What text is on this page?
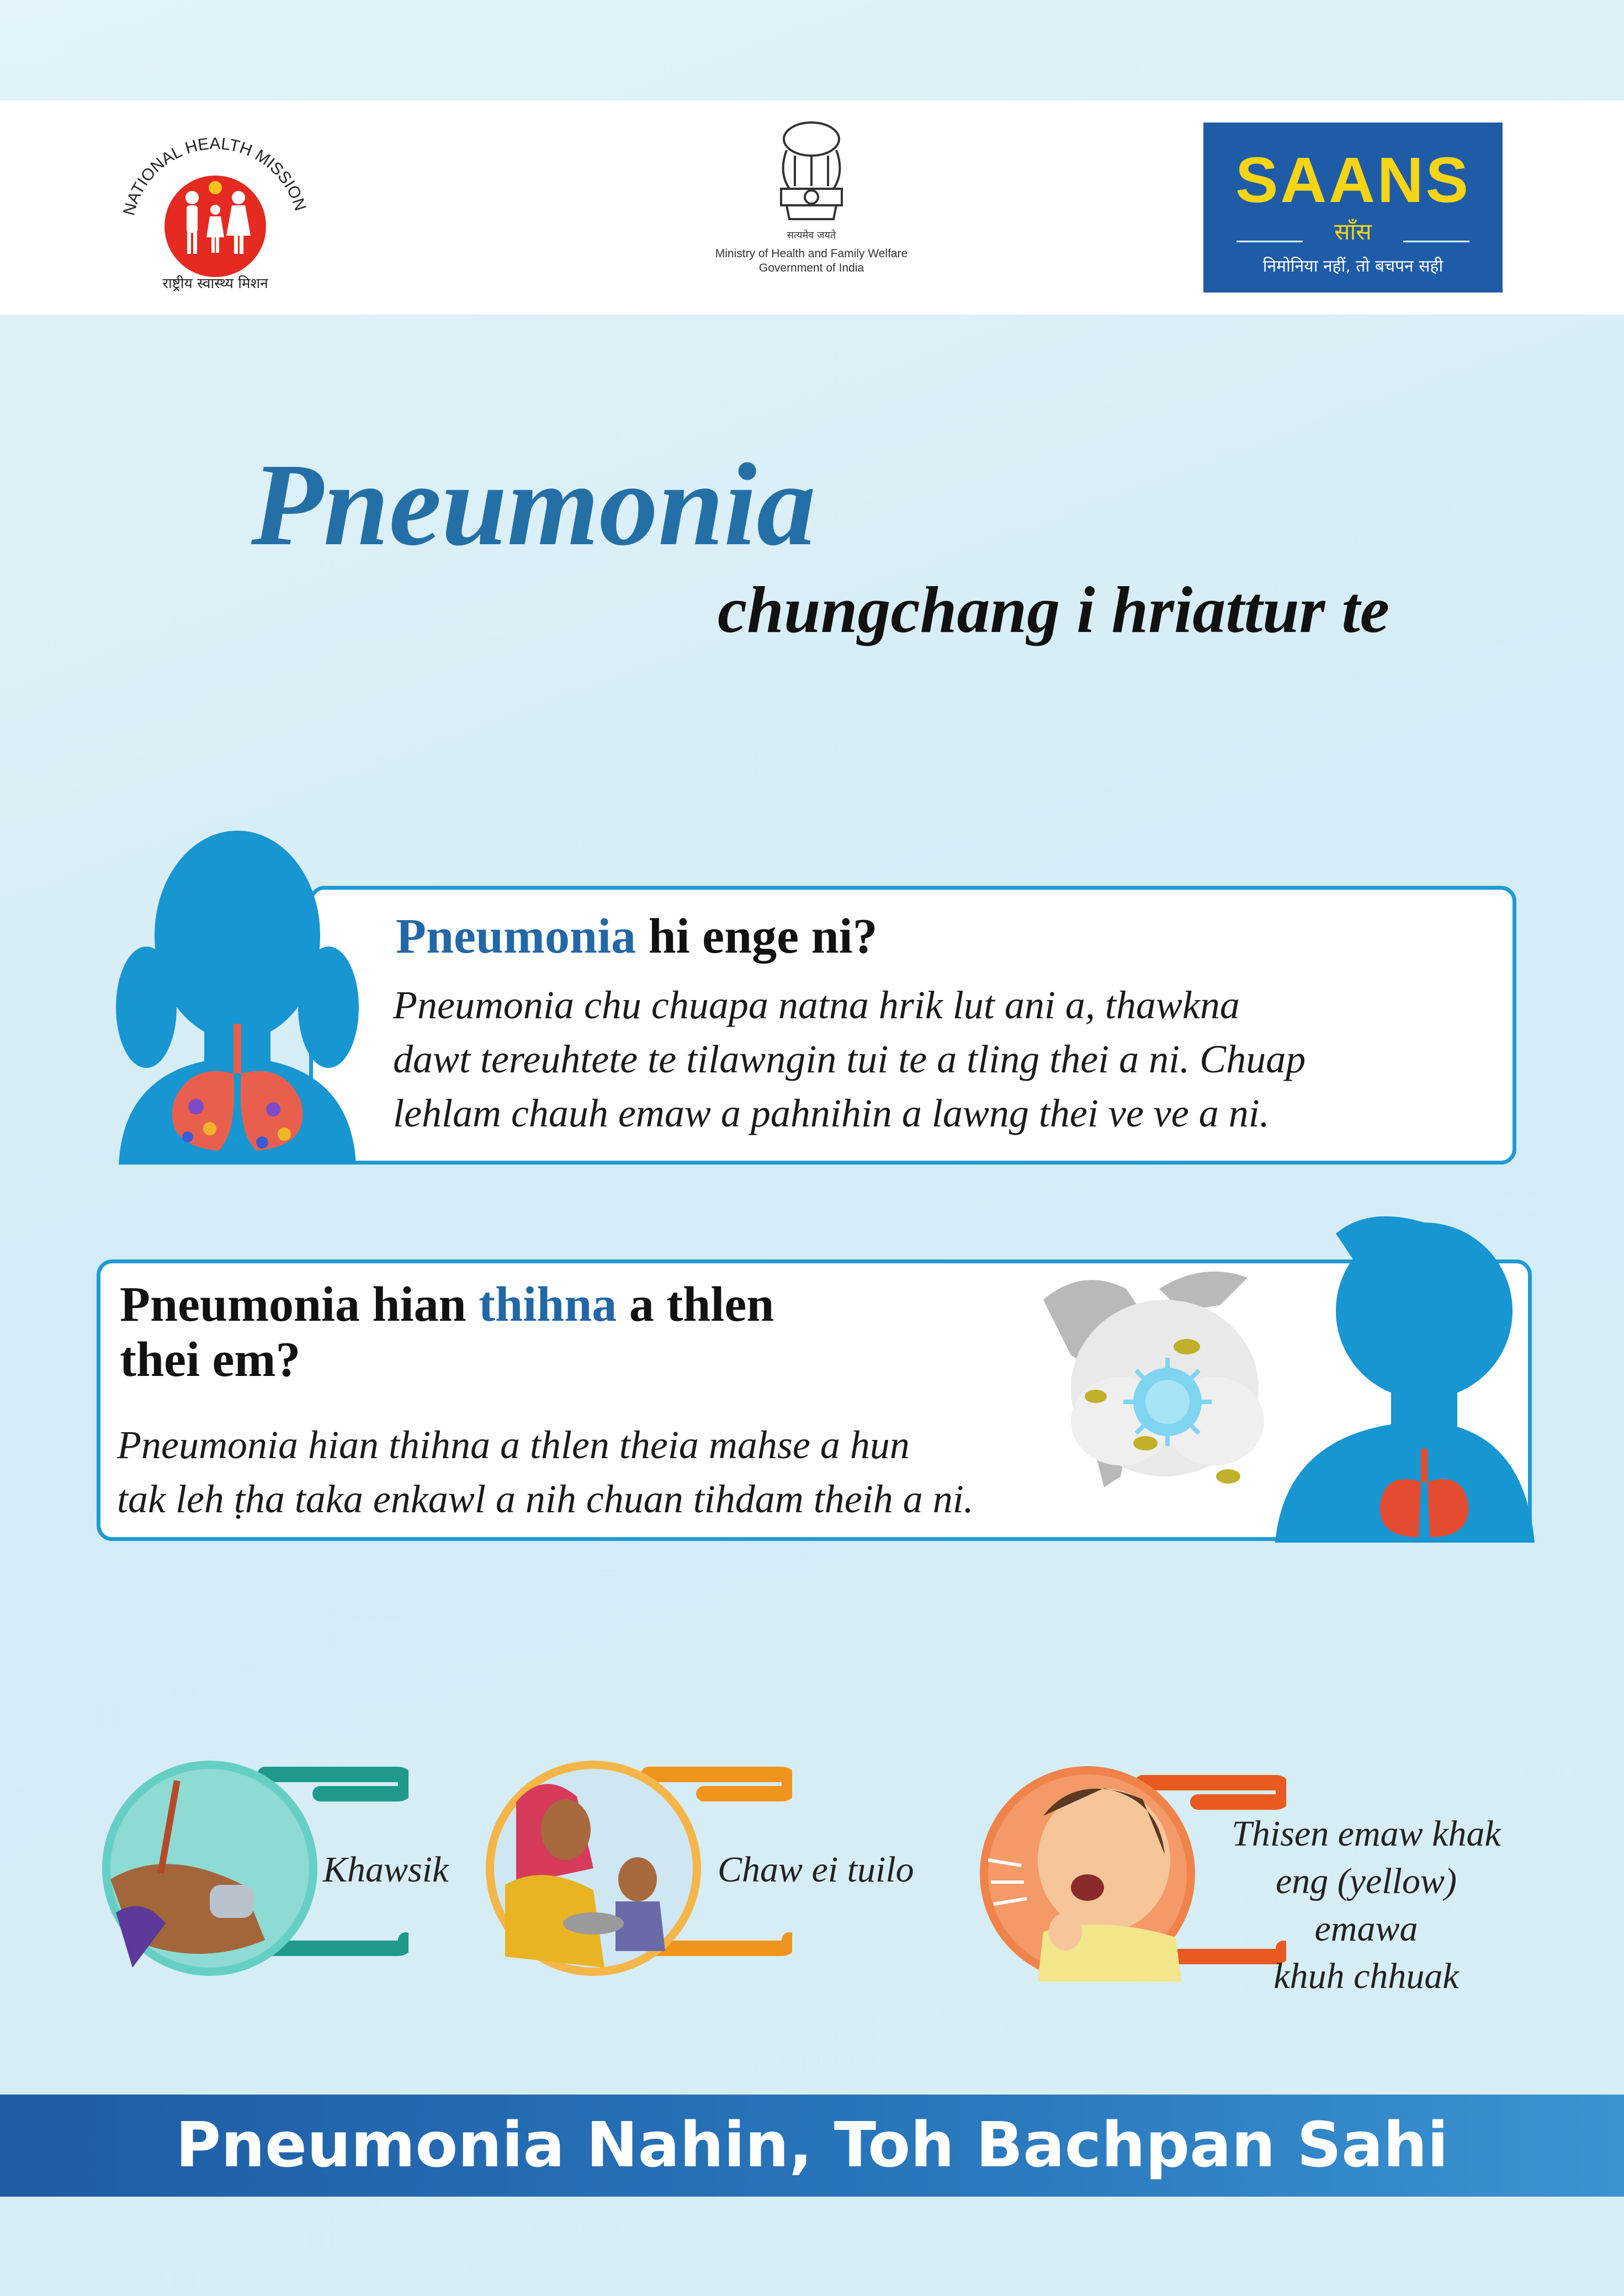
NATIONAL HEALTH MISSION
राष्ट्रीय स्वास्थ्य मिशन
सत्यमेव जयते
Ministry of Health and Family Welfare
Government of India
SAANS
साँस
निमोनिया नहीं, तो बचपन सही
Pneumonia
chungchang i hriattur te
Pneumonia hi enge ni?
Pneumonia chu chuapa natna hrik lut ani a, thawkna
dawt tereuhtete te tilawngin tui te a tling thei a ni. Chuap
lehlam chauh emaw a pahnihin a lawng thei ve ve a ni.
Pneumonia hian thihna a thlen
thei em?
Pneumonia hian thihna a thlen theia mahse a hun
tak leh ṭha taka enkawl a nih chuan tihdam theih a ni.
Khawsik	Chaw ei tuilo
Thisen emaw khak
eng (yellow) emawa
khuh chhuak
Pneumonia Nahin, Toh Bachpan Sahi
